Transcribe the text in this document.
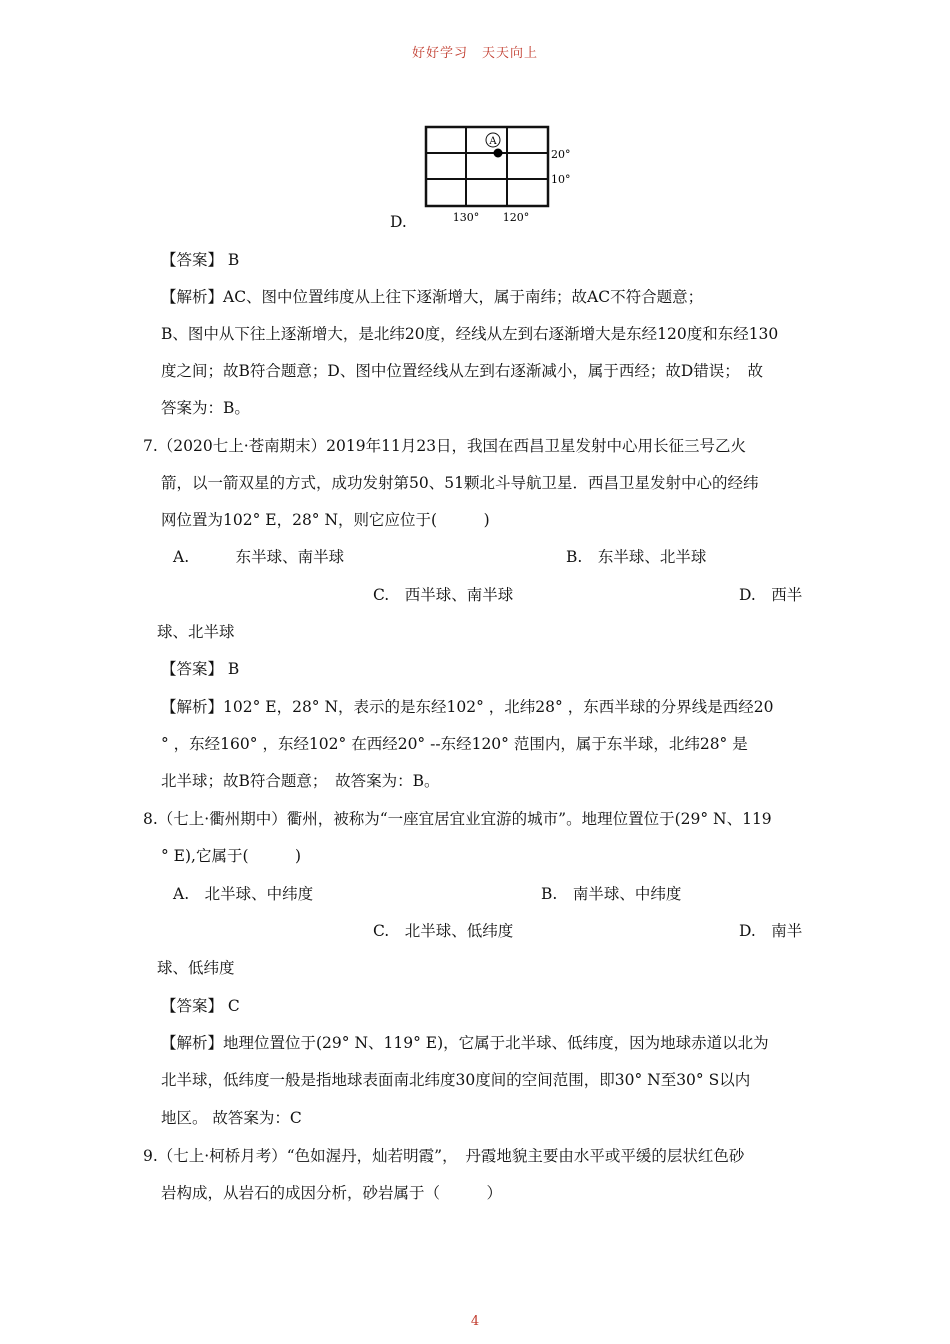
好好学习　天天向上
A
20°
10°
130° 120°
D.
【答案】 B
【解析】AC、图中位置纬度从上往下逐渐增大，属于南纬；故AC不符合题意；
B、图中从下往上逐渐增大，是北纬20度，经线从左到右逐渐增大是东经120度和东经130
度之间；故B符合题意；D、图中位置经线从左到右逐渐减小，属于西经；故D错误；　故
答案为：B。
7.（2020七上·苍南期末）2019年11月23日，我国在西昌卫星发射中心用长征三号乙火
箭，以一箭双星的方式，成功发射第50、51颗北斗导航卫星．西昌卫星发射中心的经纬
网位置为102° E，28° N，则它应位于(　　　)
A.　　　东半球、南半球	B.　东半球、北半球
C.　西半球、南半球	D.　西半
球、北半球
【答案】 B
【解析】102° E，28° N，表示的是东经102° ，北纬28° ，东西半球的分界线是西经20
° ，东经160° ，东经102° 在西经20° --东经120° 范围内，属于东半球，北纬28° 是
北半球；故B符合题意；　故答案为：B。
8.（七上·衢州期中）衢州，被称为“一座宜居宜业宜游的城市”。地理位置位于(29° N、119
° E),它属于(　　　)
A.　北半球、中纬度	B.　南半球、中纬度
C.　北半球、低纬度	D.　南半
球、低纬度
【答案】 C
【解析】地理位置位于(29° N、119° E)，它属于北半球、低纬度，因为地球赤道以北为
北半球，低纬度一般是指地球表面南北纬度30度间的空间范围，即30° N至30° S以内
地区。 故答案为：C
9.（七上·柯桥月考）“色如渥丹，灿若明霞”，　丹霞地貌主要由水平或平缓的层状红色砂
岩构成，从岩石的成因分析，砂岩属于（　　　）
4
